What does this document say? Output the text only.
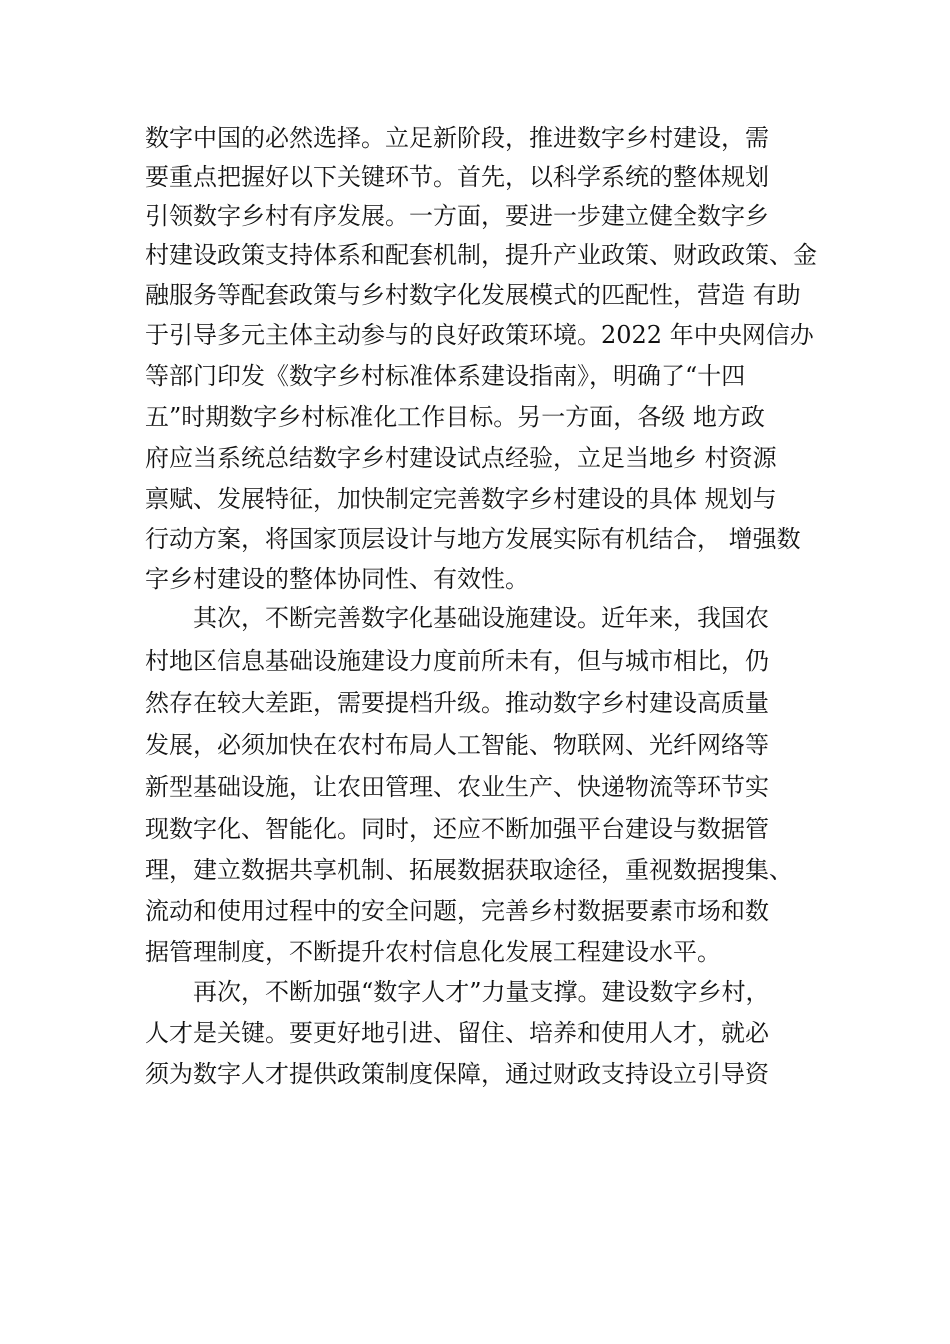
数字中国的必然选择。立足新阶段，推进数字乡村建设，需

要重点把握好以下关键环节。首先，以科学系统的整体规划

引领数字乡村有序发展。一方面，要进一步建立健全数字乡

村建设政策支持体系和配套机制，提升产业政策、财政政策、金

融服务等配套政策与乡村数字化发展模式的匹配性，营造 有助

于引导多元主体主动参与的良好政策环境。2022 年中央网信办

等部门印发《数字乡村标准体系建设指南》，明确了“十四

五”时期数字乡村标准化工作目标。另一方面，各级 地方政

府应当系统总结数字乡村建设试点经验，立足当地乡 村资源

禀赋、发展特征，加快制定完善数字乡村建设的具体 规划与

行动方案，将国家顶层设计与地方发展实际有机结合， 增强数

字乡村建设的整体协同性、有效性。

其次，不断完善数字化基础设施建设。近年来，我国农

村地区信息基础设施建设力度前所未有，但与城市相比，仍

然存在较大差距，需要提档升级。推动数字乡村建设高质量

发展，必须加快在农村布局人工智能、物联网、光纤网络等

新型基础设施，让农田管理、农业生产、快递物流等环节实

现数字化、智能化。同时，还应不断加强平台建设与数据管

理，建立数据共享机制、拓展数据获取途径，重视数据搜集、

流动和使用过程中的安全问题，完善乡村数据要素市场和数

据管理制度，不断提升农村信息化发展工程建设水平。

再次，不断加强“数字人才”力量支撑。建设数字乡村，

人才是关键。要更好地引进、留住、培养和使用人才，就必

须为数字人才提供政策制度保障，通过财政支持设立引导资
